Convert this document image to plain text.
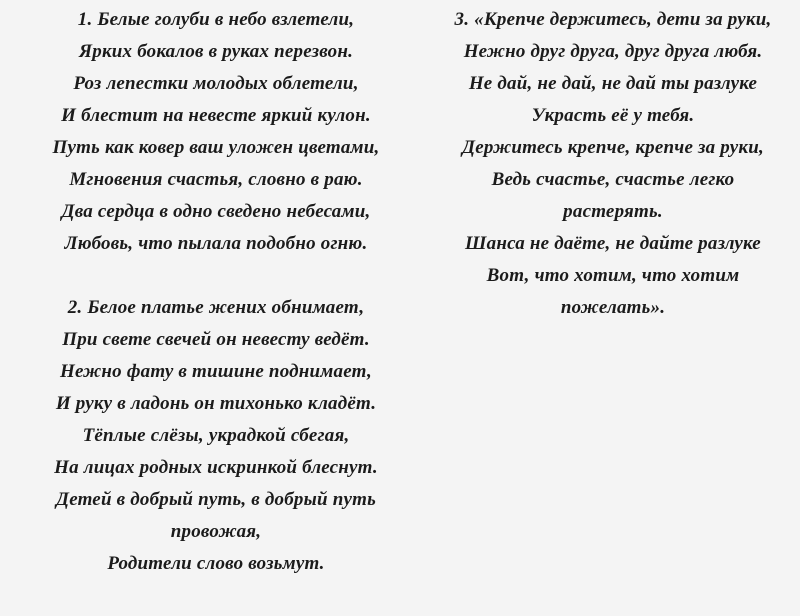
1. Белые голуби в небо взлетели,
Ярких бокалов в руках перезвон.
Роз лепестки молодых облетели,
И блестит на невесте яркий кулон.
Путь как ковер ваш уложен цветами,
Мгновения счастья, словно в раю.
Два сердца в одно сведено небесами,
Любовь, что пылала подобно огню.
2. Белое платье жених обнимает,
При свете свечей он невесту ведёт.
Нежно фату в тишине поднимает,
И руку в ладонь он тихонько кладёт.
Тёплые слёзы, украдкой сбегая,
На лицах родных искринкой блеснут.
Детей в добрый путь, в добрый путь
провожая,
Родители слово возьмут.
3. «Крепче держитесь, дети за руки,
Нежно друг друга, друг друга любя.
Не дай, не дай, не дай ты разлуке
Украсть её у тебя.
Держитесь крепче, крепче за руки,
Ведь счастье, счастье легко
растерять.
Шанса не даёте, не дайте разлуке
Вот, что хотим, что хотим
пожелать».
